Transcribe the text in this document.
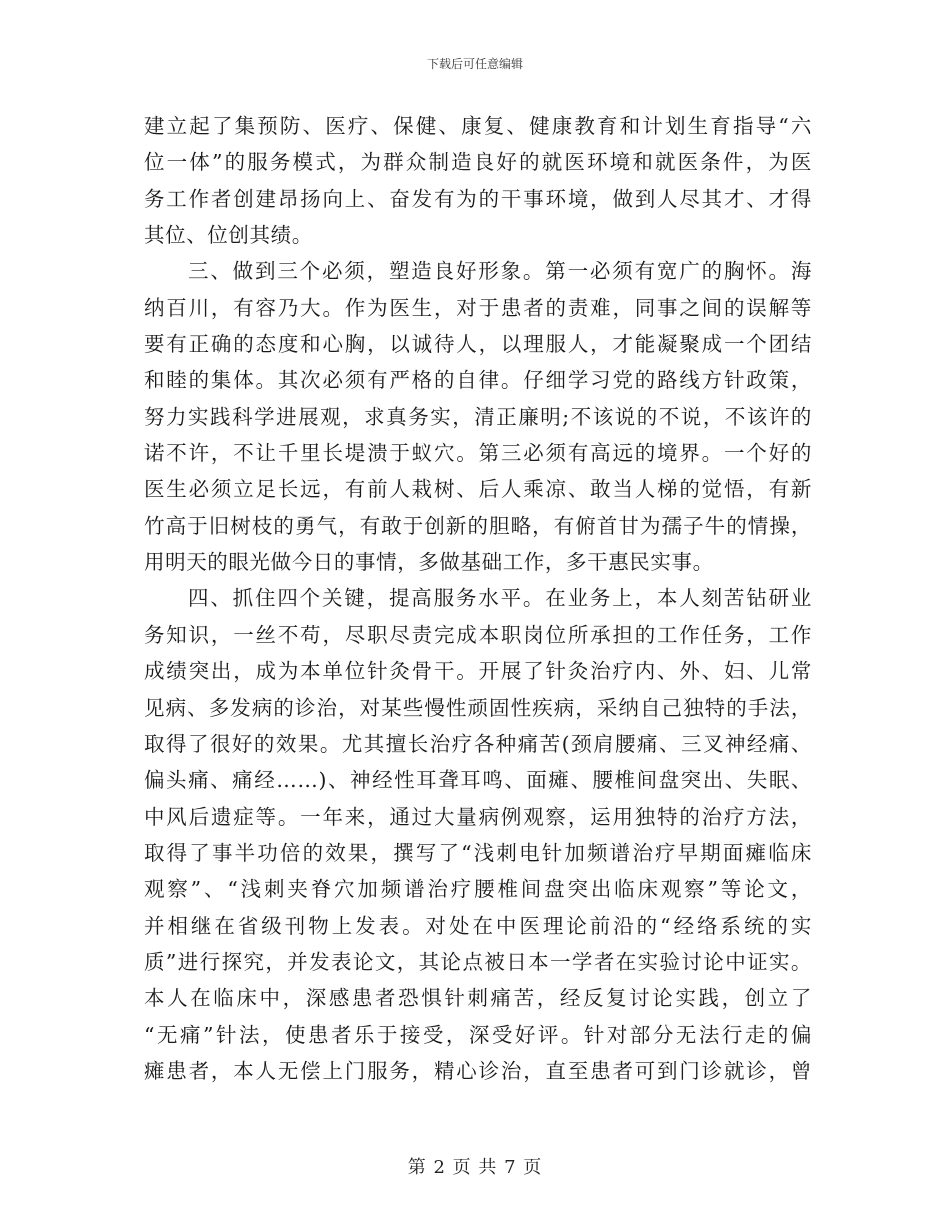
下载后可任意编辑
建立起了集预防、医疗、保健、康复、健康教育和计划生育指导“六
位一体”的服务模式，为群众制造良好的就医环境和就医条件，为医
务工作者创建昂扬向上、奋发有为的干事环境，做到人尽其才、才得
其位、位创其绩。
三、做到三个必须，塑造良好形象。第一必须有宽广的胸怀。海
纳百川，有容乃大。作为医生，对于患者的责难，同事之间的误解等
要有正确的态度和心胸，以诚待人，以理服人，才能凝聚成一个团结
和睦的集体。其次必须有严格的自律。仔细学习党的路线方针政策，
努力实践科学进展观，求真务实，清正廉明;不该说的不说，不该许的
诺不许，不让千里长堤溃于蚁穴。第三必须有高远的境界。一个好的
医生必须立足长远，有前人栽树、后人乘凉、敢当人梯的觉悟，有新
竹高于旧树枝的勇气，有敢于创新的胆略，有俯首甘为孺子牛的情操，
用明天的眼光做今日的事情，多做基础工作，多干惠民实事。
四、抓住四个关键，提高服务水平。在业务上，本人刻苦钻研业
务知识，一丝不苟，尽职尽责完成本职岗位所承担的工作任务，工作
成绩突出，成为本单位针灸骨干。开展了针灸治疗内、外、妇、儿常
见病、多发病的诊治，对某些慢性顽固性疾病，采纳自己独特的手法，
取得了很好的效果。尤其擅长治疗各种痛苦(颈肩腰痛、三叉神经痛、
偏头痛、痛经……)、神经性耳聋耳鸣、面瘫、腰椎间盘突出、失眠、
中风后遗症等。一年来，通过大量病例观察，运用独特的治疗方法，
取得了事半功倍的效果，撰写了“浅刺电针加频谱治疗早期面瘫临床
观察”、“浅刺夹脊穴加频谱治疗腰椎间盘突出临床观察”等论文，
并相继在省级刊物上发表。对处在中医理论前沿的“经络系统的实
质”进行探究，并发表论文，其论点被日本一学者在实验讨论中证实。
本人在临床中，深感患者恐惧针刺痛苦，经反复讨论实践，创立了
“无痛”针法，使患者乐于接受，深受好评。针对部分无法行走的偏
瘫患者，本人无偿上门服务，精心诊治，直至患者可到门诊就诊，曾
第 2 页 共 7 页
